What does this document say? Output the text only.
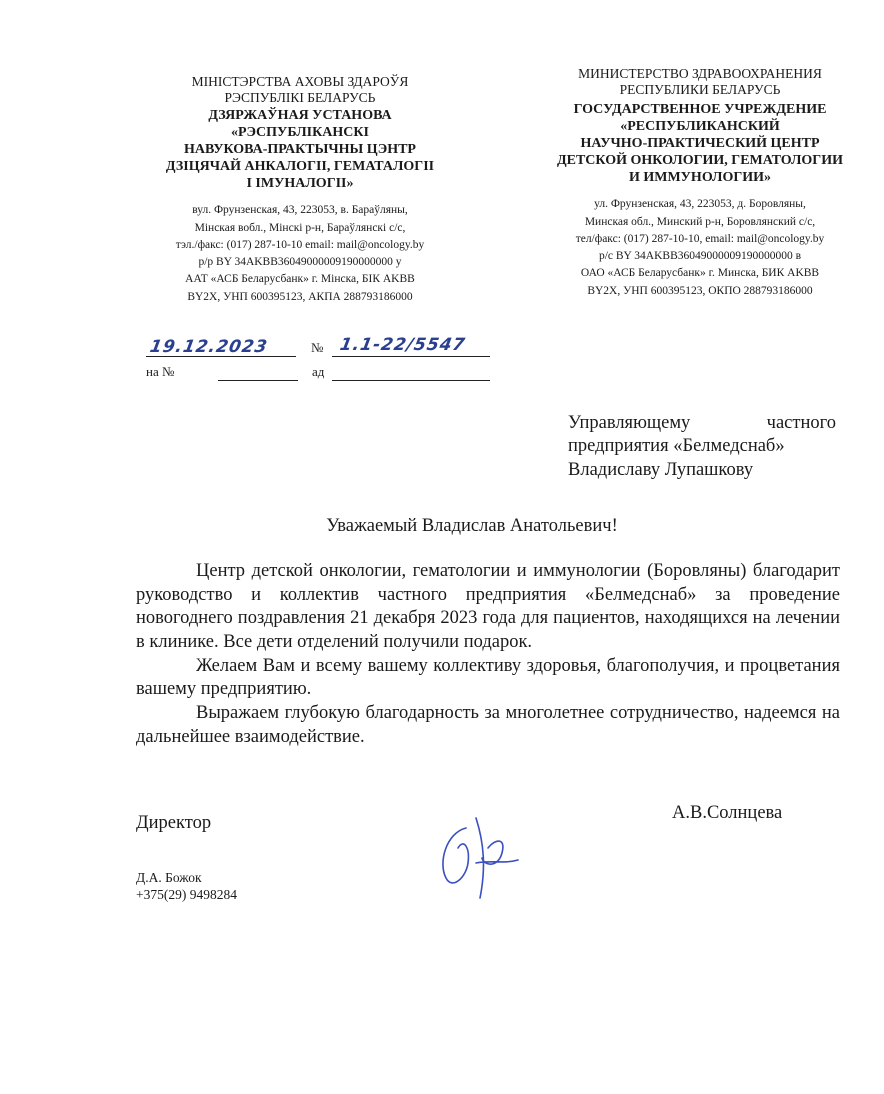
МІНІСТЭРСТВА АХОВЫ ЗДАРОЎЯ
РЭСПУБЛІКІ БЕЛАРУСЬ
ДЗЯРЖАЎНАЯ УСТАНОВА
«РЭСПУБЛІКАНСКІ
НАВУКОВА-ПРАКТЫЧНЫ ЦЭНТР
ДЗІЦЯЧАЙ АНКАЛОГІІ, ГЕМАТАЛОГІІ
І ІМУНАЛОГІІ»
вул. Фрунзенская, 43, 223053, в. Бараўляны,
Мінская вобл., Мінскі р-н, Бараўлянскі с/с,
тэл./факс: (017) 287-10-10 email: mail@oncology.by
р/р BY 34AKBB36049000009190000000 у
ААТ «АСБ Беларусбанк» г. Мінска, БІК AKBB
BY2X, УНП 600395123, АКПА 288793186000
МИНИСТЕРСТВО ЗДРАВООХРАНЕНИЯ
РЕСПУБЛИКИ БЕЛАРУСЬ
ГОСУДАРСТВЕННОЕ УЧРЕЖДЕНИЕ
«РЕСПУБЛИКАНСКИЙ
НАУЧНО-ПРАКТИЧЕСКИЙ ЦЕНТР
ДЕТСКОЙ ОНКОЛОГИИ, ГЕМАТОЛОГИИ
И ИММУНОЛОГИИ»
ул. Фрунзенская, 43, 223053, д. Боровляны,
Минская обл., Минский р-н, Боровлянский с/с,
тел/факс: (017) 287-10-10, email: mail@oncology.by
р/с BY 34AKBB36049000009190000000 в
ОАО «АСБ Беларусбанк» г. Минска, БИК AKBB
BY2X, УНП 600395123, ОКПО 288793186000
19.12.2023	№ 1.1-22/5547
на №	ад
Управляющему частного
предприятия «Белмедснаб»
Владиславу Лупашкову
Уважаемый Владислав Анатольевич!

Центр детской онкологии, гематологии и иммунологии (Боровляны) благодарит руководство и коллектив частного предприятия «Белмедснаб» за проведение новогоднего поздравления 21 декабря 2023 года для пациентов, находящихся на лечении в клинике. Все дети отделений получили подарок.

Желаем Вам и всему вашему коллективу здоровья, благополучия, и процветания вашему предприятию.

Выражаем глубокую благодарность за многолетнее сотрудничество, надеемся на дальнейшее взаимодействие.

Директор	А.В.Солнцева
Д.А. Божок
+375(29) 9498284
